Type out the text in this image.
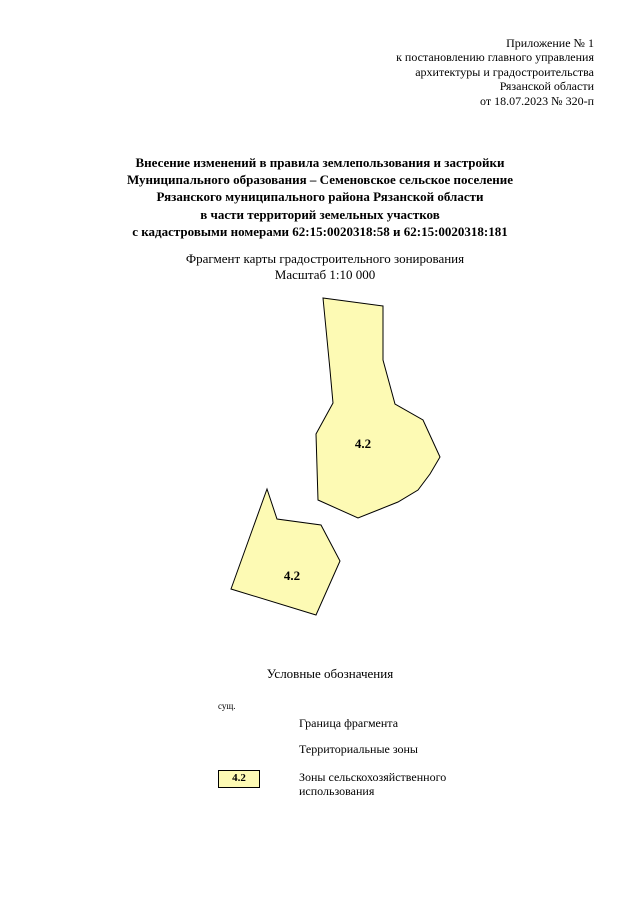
Приложение № 1
к постановлению главного управления
архитектуры и градостроительства
Рязанской области
от 18.07.2023 № 320-п
Внесение изменений в правила землепользования и застройки
Муниципального образования – Семеновское сельское поселение
Рязанского муниципального района Рязанской области
в части территорий земельных участков
с кадастровыми номерами 62:15:0020318:58 и 62:15:0020318:181
Фрагмент карты градостроительного зонирования
Масштаб 1:10 000
4.2
4.2
Условные обозначения
сущ.
Граница фрагмента
Территориальные зоны
4.2	Зоны сельскохозяйственного
использования
